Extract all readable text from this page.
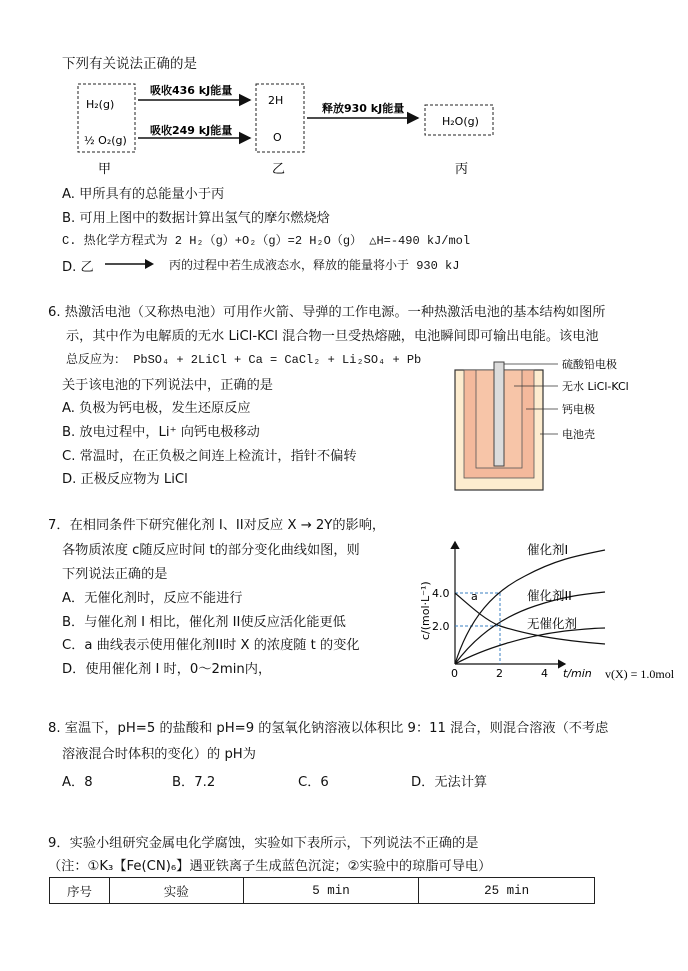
下列有关说法正确的是
H₂(g)
½ O₂(g)
吸收436 kJ能量
吸收249 kJ能量
2H
O
释放930 kJ能量
H₂O(g)
甲	乙	丙
A. 甲所具有的总能量小于丙
B. 可用上图中的数据计算出氢气的摩尔燃烧焓
C. 热化学方程式为 2 H₂（g）+O₂（g）=2 H₂O（g） △H=-490 kJ/mol
D. 乙	丙的过程中若生成液态水，释放的能量将小于 930 kJ
6. 热激活电池（又称热电池）可用作火箭、导弹的工作电源。一种热激活电池的基本结构如图所
示，其中作为电解质的无水 LiCl-KCl 混合物一旦受热熔融，电池瞬间即可输出电能。该电池
总反应为： PbSO₄ + 2LiCl + Ca = CaCl₂ + Li₂SO₄ + Pb
关于该电池的下列说法中，正确的是
A. 负极为钙电极，发生还原反应
B. 放电过程中，Li⁺ 向钙电极移动
C. 常温时，在正负极之间连上检流计，指针不偏转
D. 正极反应物为 LiCl
硫酸铅电极
无水 LiCl-KCl
钙电极
电池壳
7．在相同条件下研究催化剂 I、II对反应 X → 2Y的影响，
各物质浓度 c随反应时间 t的部分变化曲线如图，则
下列说法正确的是
A．无催化剂时，反应不能进行
B．与催化剂 I 相比，催化剂 II使反应活化能更低
C．a 曲线表示使用催化剂II时 X 的浓度随 t 的变化
D．使用催化剂 I 时，0～2min内，
c/(mol·L⁻¹) 4.0
2.0
0	2	4 t/min
a
催化剂I
催化剂II
无催化剂
v(X) = 1.0mol
8. 室温下，pH=5 的盐酸和 pH=9 的氢氧化钠溶液以体积比 9：11 混合，则混合溶液（不考虑
溶液混合时体积的变化）的 pH为
A．8	B．7.2	C．6	D．无法计算
9．实验小组研究金属电化学腐蚀，实验如下表所示，下列说法不正确的是
（注：①K₃【Fe(CN)₆】遇亚铁离子生成蓝色沉淀；②实验中的琼脂可导电）
序号	实验	5 min	25 min
